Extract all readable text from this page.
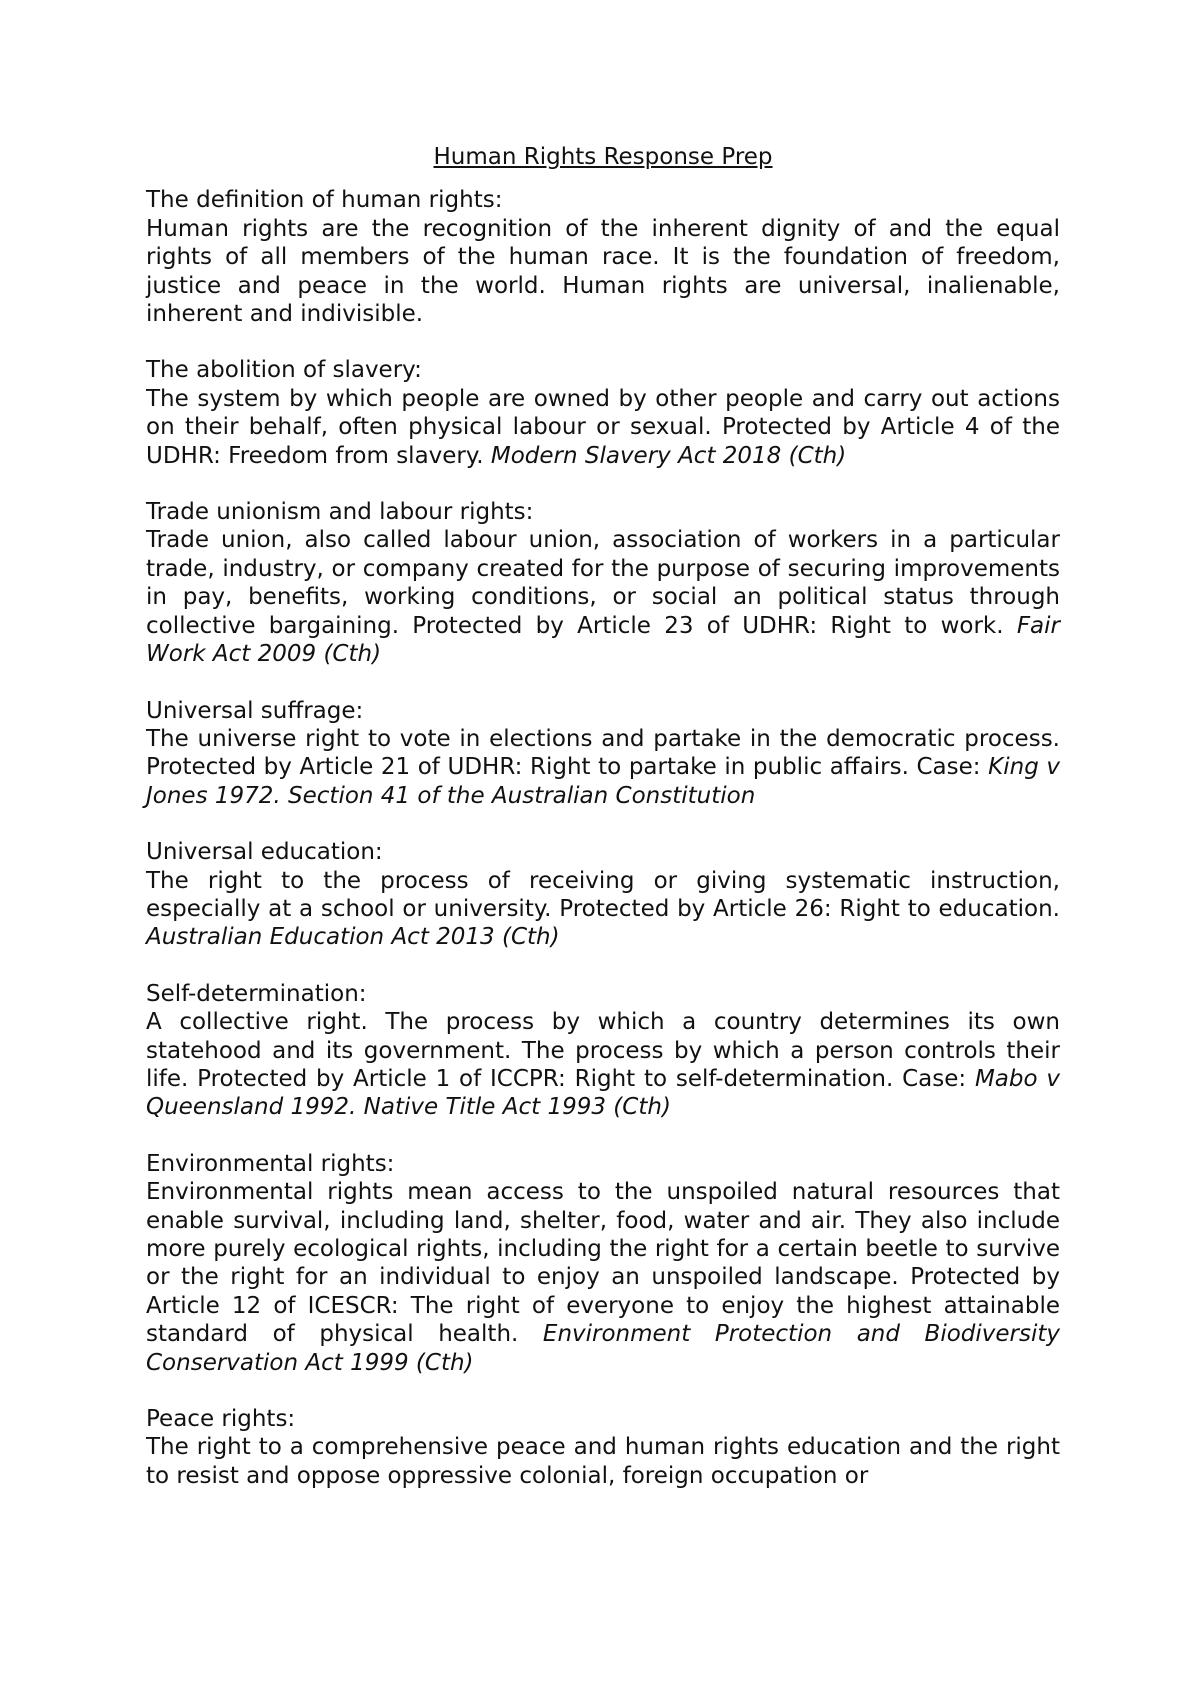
Human Rights Response Prep

The definition of human rights:

Human rights are the recognition of the inherent dignity of and the equal rights of all members of the human race. It is the foundation of freedom, justice and peace in the world. Human rights are universal, inalienable, inherent and indivisible.

The abolition of slavery:

The system by which people are owned by other people and carry out actions on their behalf, often physical labour or sexual. Protected by Article 4 of the UDHR: Freedom from slavery. Modern Slavery Act 2018 (Cth)

Trade unionism and labour rights:

Trade union, also called labour union, association of workers in a particular trade, industry, or company created for the purpose of securing improvements in pay, benefits, working conditions, or social an political status through collective bargaining. Protected by Article 23 of UDHR: Right to work. Fair Work Act 2009 (Cth)

Universal suffrage:

The universe right to vote in elections and partake in the democratic process. Protected by Article 21 of UDHR: Right to partake in public affairs. Case: King v Jones 1972. Section 41 of the Australian Constitution

Universal education:

The right to the process of receiving or giving systematic instruction, especially at a school or university. Protected by Article 26: Right to education. Australian Education Act 2013 (Cth)

Self-determination:

A collective right. The process by which a country determines its own statehood and its government. The process by which a person controls their life. Protected by Article 1 of ICCPR: Right to self-determination. Case: Mabo v Queensland 1992. Native Title Act 1993 (Cth)

Environmental rights:

Environmental rights mean access to the unspoiled natural resources that enable survival, including land, shelter, food, water and air. They also include more purely ecological rights, including the right for a certain beetle to survive or the right for an individual to enjoy an unspoiled landscape. Protected by Article 12 of ICESCR: The right of everyone to enjoy the highest attainable standard of physical health. Environment Protection and Biodiversity Conservation Act 1999 (Cth)

Peace rights:

The right to a comprehensive peace and human rights education and the right to resist and oppose oppressive colonial, foreign occupation or
